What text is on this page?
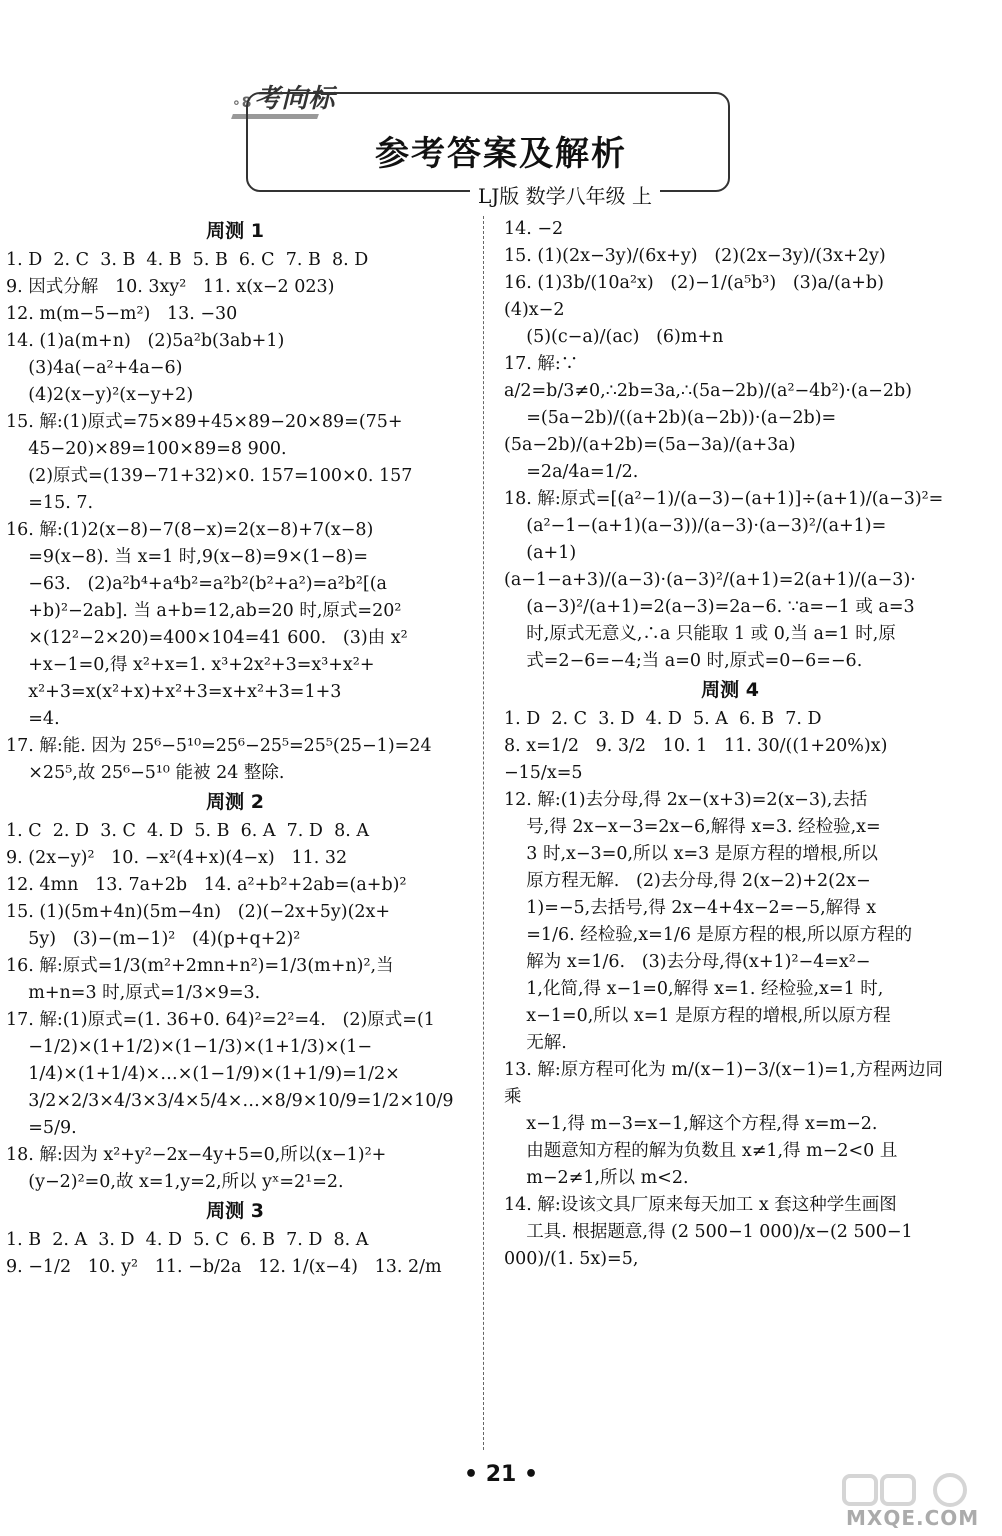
∘8考向标
参考答案及解析
LJ版 数学八年级 上
周测 1
1. D  2. C  3. B  4. B  5. B  6. C  7. B  8. D
9. 因式分解   10. 3xy²   11. x(x−2 023)
12. m(m−5−m²)   13. −30
14. (1)a(m+n)   (2)5a²b(3ab+1)
(3)4a(−a²+4a−6)
(4)2(x−y)²(x−y+2)
15. 解:(1)原式=75×89+45×89−20×89=(75+
45−20)×89=100×89=8 900.
(2)原式=(139−71+32)×0. 157=100×0. 157
=15. 7.
16. 解:(1)2(x−8)−7(8−x)=2(x−8)+7(x−8)
=9(x−8). 当 x=1 时,9(x−8)=9×(1−8)=
−63.   (2)a²b⁴+a⁴b²=a²b²(b²+a²)=a²b²[(a
+b)²−2ab]. 当 a+b=12,ab=20 时,原式=20²
×(12²−2×20)=400×104=41 600.   (3)由 x²
+x−1=0,得 x²+x=1. x³+2x²+3=x³+x²+
x²+3=x(x²+x)+x²+3=x+x²+3=1+3
=4.
17. 解:能. 因为 25⁶−5¹⁰=25⁶−25⁵=25⁵(25−1)=24
×25⁵,故 25⁶−5¹⁰ 能被 24 整除.
周测 2
1. C  2. D  3. C  4. D  5. B  6. A  7. D  8. A
9. (2x−y)²   10. −x²(4+x)(4−x)   11. 32
12. 4mn   13. 7a+2b   14. a²+b²+2ab=(a+b)²
15. (1)(5m+4n)(5m−4n)   (2)(−2x+5y)(2x+
5y)   (3)−(m−1)²   (4)(p+q+2)²
16. 解:原式=1/3(m²+2mn+n²)=1/3(m+n)²,当
m+n=3 时,原式=1/3×9=3.
17. 解:(1)原式=(1. 36+0. 64)²=2²=4.   (2)原式=(1
−1/2)×(1+1/2)×(1−1/3)×(1+1/3)×(1−
1/4)×(1+1/4)×…×(1−1/9)×(1+1/9)=1/2×
3/2×2/3×4/3×3/4×5/4×…×8/9×10/9=1/2×10/9
=5/9.
18. 解:因为 x²+y²−2x−4y+5=0,所以(x−1)²+
(y−2)²=0,故 x=1,y=2,所以 yˣ=2¹=2.
周测 3
1. B  2. A  3. D  4. D  5. C  6. B  7. D  8. A
9. −1/2   10. y²   11. −b/2a   12. 1/(x−4)   13. 2/m
14. −2
15. (1)(2x−3y)/(6x+y)   (2)(2x−3y)/(3x+2y)
16. (1)3b/(10a²x)   (2)−1/(a⁵b³)   (3)a/(a+b)   (4)x−2
(5)(c−a)/(ac)   (6)m+n
17. 解:∵ a/2=b/3≠0,∴2b=3a,∴(5a−2b)/(a²−4b²)·(a−2b)
=(5a−2b)/((a+2b)(a−2b))·(a−2b)=(5a−2b)/(a+2b)=(5a−3a)/(a+3a)
=2a/4a=1/2.
18. 解:原式=[(a²−1)/(a−3)−(a+1)]÷(a+1)/(a−3)²=
(a²−1−(a+1)(a−3))/(a−3)·(a−3)²/(a+1)=
(a+1)(a−1−a+3)/(a−3)·(a−3)²/(a+1)=2(a+1)/(a−3)·
(a−3)²/(a+1)=2(a−3)=2a−6. ∵a=−1 或 a=3
时,原式无意义,∴a 只能取 1 或 0,当 a=1 时,原
式=2−6=−4;当 a=0 时,原式=0−6=−6.
周测 4
1. D  2. C  3. D  4. D  5. A  6. B  7. D
8. x=1/2   9. 3/2   10. 1   11. 30/((1+20%)x)−15/x=5
12. 解:(1)去分母,得 2x−(x+3)=2(x−3),去括
号,得 2x−x−3=2x−6,解得 x=3. 经检验,x=
3 时,x−3=0,所以 x=3 是原方程的增根,所以
原方程无解.   (2)去分母,得 2(x−2)+2(2x−
1)=−5,去括号,得 2x−4+4x−2=−5,解得 x
=1/6. 经检验,x=1/6 是原方程的根,所以原方程的
解为 x=1/6.   (3)去分母,得(x+1)²−4=x²−
1,化简,得 x−1=0,解得 x=1. 经检验,x=1 时,
x−1=0,所以 x=1 是原方程的增根,所以原方程
无解.
13. 解:原方程可化为 m/(x−1)−3/(x−1)=1,方程两边同乘
x−1,得 m−3=x−1,解这个方程,得 x=m−2.
由题意知方程的解为负数且 x≠1,得 m−2<0 且
m−2≠1,所以 m<2.
14. 解:设该文具厂原来每天加工 x 套这种学生画图
工具. 根据题意,得 (2 500−1 000)/x−(2 500−1 000)/(1. 5x)=5,
• 21 •
MXQE.COM
